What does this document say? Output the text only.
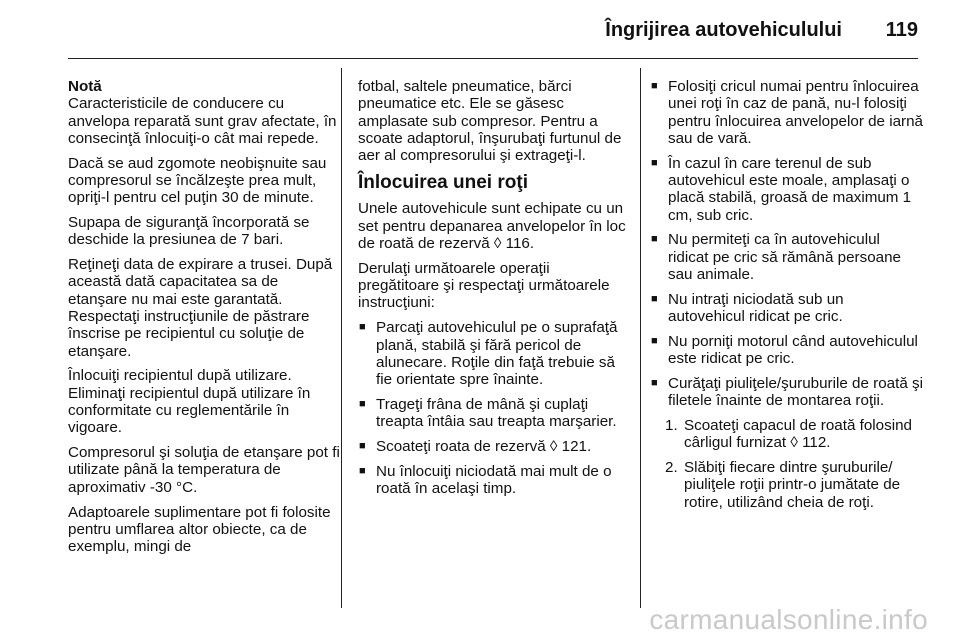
Îngrijirea autovehiculului 119

Notă

Caracteristicile de conducere cu anvelopa reparată sunt grav afectate, în consecinţă înlocuiţi-o cât mai repede.

Dacă se aud zgomote neobişnuite sau compresorul se încălzeşte prea mult, opriţi-l pentru cel puţin 30 de minute.

Supapa de siguranţă încorporată se deschide la presiunea de 7 bari.

Reţineţi data de expirare a trusei. După această dată capacitatea sa de etanşare nu mai este garantată. Respectaţi instrucţiunile de păstrare înscrise pe recipientul cu soluţie de etanşare.

Înlocuiţi recipientul după utilizare. Eliminaţi recipientul după utilizare în conformitate cu reglementările în vigoare.

Compresorul şi soluţia de etanşare pot fi utilizate până la temperatura de aproximativ -30 °C.

Adaptoarele suplimentare pot fi folosite pentru umflarea altor obiecte, ca de exemplu, mingi de

fotbal, saltele pneumatice, bărci pneumatice etc. Ele se găsesc amplasate sub compresor. Pentru a scoate adaptorul, înşurubaţi furtunul de aer al compresorului şi extrageţi-l.

Înlocuirea unei roţi

Unele autovehicule sunt echipate cu un set pentru depanarea anvelopelor în loc de roată de rezervă ◊ 116.

Derulaţi următoarele operaţii pregătitoare şi respectaţi următoarele instrucţiuni:

■ Parcaţi autovehiculul pe o suprafaţă plană, stabilă şi fără pericol de alunecare. Roţile din faţă trebuie să fie orientate spre înainte.
■ Trageţi frâna de mână şi cuplaţi treapta întâia sau treapta marşarier.
■ Scoateţi roata de rezervă ◊ 121.
■ Nu înlocuiţi niciodată mai mult de o roată în acelaşi timp.
■ Folosiţi cricul numai pentru înlocuirea unei roţi în caz de pană, nu-l folosiţi pentru înlocuirea anvelopelor de iarnă sau de vară.
■ În cazul în care terenul de sub autovehicul este moale, amplasaţi o placă stabilă, groasă de maximum 1 cm, sub cric.
■ Nu permiteţi ca în autovehiculul ridicat pe cric să rămână persoane sau animale.
■ Nu intraţi niciodată sub un autovehicul ridicat pe cric.
■ Nu porniţi motorul când autovehiculul este ridicat pe cric.
■ Curăţaţi piuliţele/şuruburile de roată şi filetele înainte de montarea roţii.
1. Scoateţi capacul de roată folosind cârligul furnizat ◊ 112.
2. Slăbiţi fiecare dintre şuruburile/ piuliţele roţii printr-o jumătate de rotire, utilizând cheia de roţi.
carmanualsonline.info
